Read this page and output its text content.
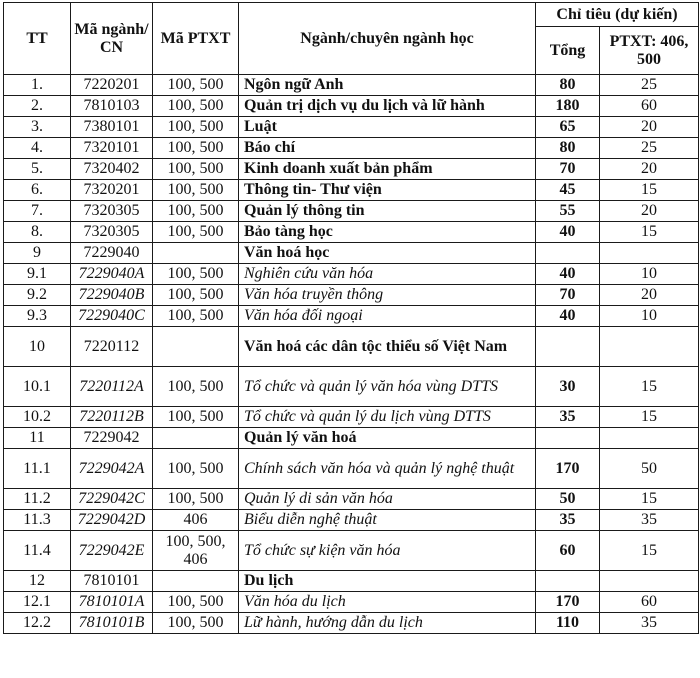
TT	Mã ngành/ CN	Mã PTXT	Ngành/chuyên ngành học	Chỉ tiêu (dự kiến)	
				Tổng	PTXT: 406, 500
1.	7220201	100, 500	Ngôn ngữ Anh	80	25
2.	7810103	100, 500	Quản trị dịch vụ du lịch và lữ hành	180	60
3.	7380101	100, 500	Luật	65	20
4.	7320101	100, 500	Báo chí	80	25
5.	7320402	100, 500	Kinh doanh xuất bản phẩm	70	20
6.	7320201	100, 500	Thông tin- Thư viện	45	15
7.	7320305	100, 500	Quản lý thông tin	55	20
8.	7320305	100, 500	Bảo tàng học	40	15
9	7229040		Văn hoá học		
9.1	7229040A	100, 500	Nghiên cứu văn hóa	40	10
9.2	7229040B	100, 500	Văn hóa truyền thông	70	20
9.3	7229040C	100, 500	Văn hóa đối ngoại	40	10
10	7220112		Văn hoá các dân tộc thiểu số Việt Nam		
10.1	7220112A	100, 500	Tổ chức và quản lý văn hóa vùng DTTS	30	15
10.2	7220112B	100, 500	Tổ chức và quản lý du lịch vùng DTTS	35	15
11	7229042		Quản lý văn hoá		
11.1	7229042A	100, 500	Chính sách văn hóa và quản lý nghệ thuật	170	50
11.2	7229042C	100, 500	Quản lý di sản văn hóa	50	15
11.3	7229042D	406	Biểu diễn nghệ thuật	35	35
11.4	7229042E	100, 500, 406	Tổ chức sự kiện văn hóa	60	15
12	7810101		Du lịch		
12.1	7810101A	100, 500	Văn hóa du lịch	170	60
12.2	7810101B	100, 500	Lữ hành, hướng dẫn du lịch	110	35
